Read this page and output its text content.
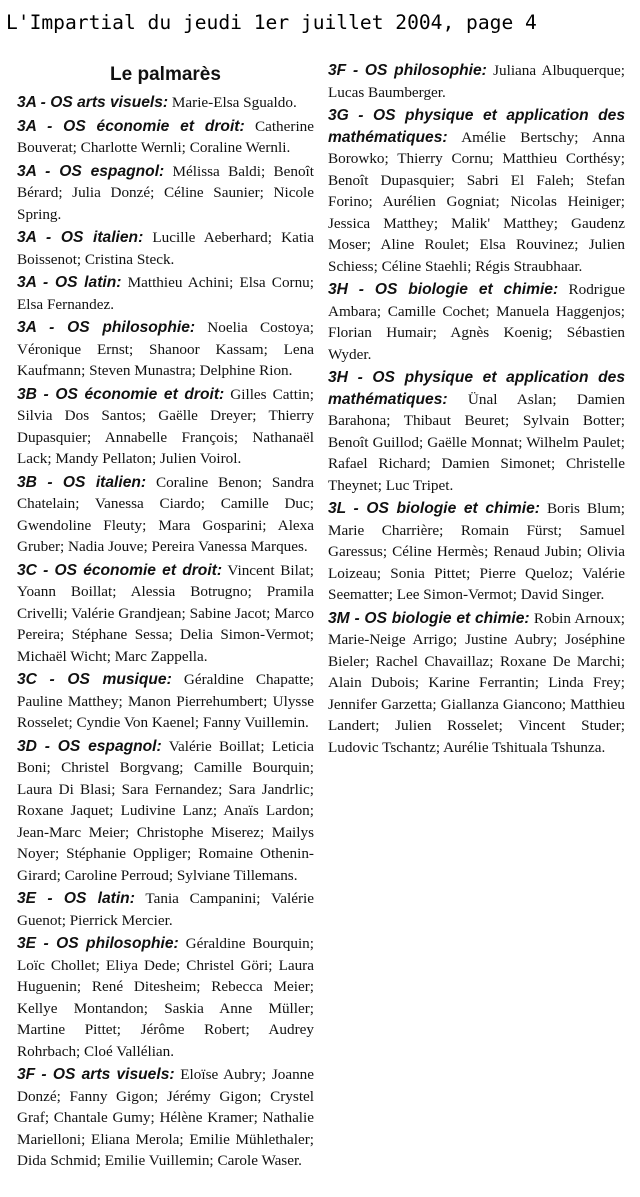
L'Impartial du jeudi 1er juillet 2004, page 4
Le palmarès
3A - OS arts visuels: Marie-Elsa Sgualdo.
3A - OS économie et droit: Catherine Bouverat; Charlotte Wernli; Coraline Wernli.
3A - OS espagnol: Mélissa Baldi; Benoît Bérard; Julia Donzé; Céline Saunier; Nicole Spring.
3A - OS italien: Lucille Aeberhard; Katia Boissenot; Cristina Steck.
3A - OS latin: Matthieu Achini; Elsa Cornu; Elsa Fernandez.
3A - OS philosophie: Noelia Costoya; Véronique Ernst; Shanoor Kassam; Lena Kaufmann; Steven Munastra; Delphine Rion.
3B - OS économie et droit: Gilles Cattin; Silvia Dos Santos; Gaëlle Dreyer; Thierry Dupasquier; Annabelle François; Nathanaël Lack; Mandy Pellaton; Julien Voirol.
3B - OS italien: Coraline Benon; Sandra Chatelain; Vanessa Ciardo; Camille Duc; Gwendoline Fleuty; Mara Gosparini; Alexa Gruber; Nadia Jouve; Pereira Vanessa Marques.
3C - OS économie et droit: Vincent Bilat; Yoann Boillat; Alessia Botrugno; Pramila Crivelli; Valérie Grandjean; Sabine Jacot; Marco Pereira; Stéphane Sessa; Delia Simon-Vermot; Michaël Wicht; Marc Zappella.
3C - OS musique: Géraldine Chapatte; Pauline Matthey; Manon Pierrehumbert; Ulysse Rosselet; Cyndie Von Kaenel; Fanny Vuillemin.
3D - OS espagnol: Valérie Boillat; Leticia Boni; Christel Borgvang; Camille Bourquin; Laura Di Blasi; Sara Fernandez; Sara Jandrlic; Roxane Jaquet; Ludivine Lanz; Anaïs Lardon; Jean-Marc Meier; Christophe Miserez; Mailys Noyer; Stéphanie Oppliger; Romaine Othenin-Girard; Caroline Perroud; Sylviane Tillemans.
3E - OS latin: Tania Campanini; Valérie Guenot; Pierrick Mercier.
3E - OS philosophie: Géraldine Bourquin; Loïc Chollet; Eliya Dede; Christel Göri; Laura Huguenin; René Ditesheim; Rebecca Meier; Kellye Montandon; Saskia Anne Müller; Martine Pittet; Jérôme Robert; Audrey Rohrbach; Cloé Vallélian.
3F - OS arts visuels: Eloïse Aubry; Joanne Donzé; Fanny Gigon; Jérémy Gigon; Crystel Graf; Chantale Gumy; Hélène Kramer; Nathalie Marielloni; Eliana Merola; Emilie Mühlethaler; Dida Schmid; Emilie Vuillemin; Carole Waser.
3F - OS philosophie: Juliana Albuquerque; Lucas Baumberger.
3G - OS physique et application des mathématiques: Amélie Bertschy; Anna Borowko; Thierry Cornu; Matthieu Corthésy; Benoît Dupasquier; Sabri El Faleh; Stefan Forino; Aurélien Gogniat; Nicolas Heiniger; Jessica Matthey; Malik' Matthey; Gaudenz Moser; Aline Roulet; Elsa Rouvinez; Julien Schiess; Céline Staehli; Régis Straubhaar.
3H - OS biologie et chimie: Rodrigue Ambara; Camille Cochet; Manuela Haggenjos; Florian Humair; Agnès Koenig; Sébastien Wyder.
3H - OS physique et application des mathématiques: Ünal Aslan; Damien Barahona; Thibaut Beuret; Sylvain Botter; Benoît Guillod; Gaëlle Monnat; Wilhelm Paulet; Rafael Richard; Damien Simonet; Christelle Theynet; Luc Tripet.
3L - OS biologie et chimie: Boris Blum; Marie Charrière; Romain Fürst; Samuel Garessus; Céline Hermès; Renaud Jubin; Olivia Loizeau; Sonia Pittet; Pierre Queloz; Valérie Seematter; Lee Simon-Vermot; David Singer.
3M - OS biologie et chimie: Robin Arnoux; Marie-Neige Arrigo; Justine Aubry; Joséphine Bieler; Rachel Chavaillaz; Roxane De Marchi; Alain Dubois; Karine Ferrantin; Linda Frey; Jennifer Garzetta; Giallanza Giancono; Matthieu Landert; Julien Rosselet; Vincent Studer; Ludovic Tschantz; Aurélie Tshituala Tshunza.
